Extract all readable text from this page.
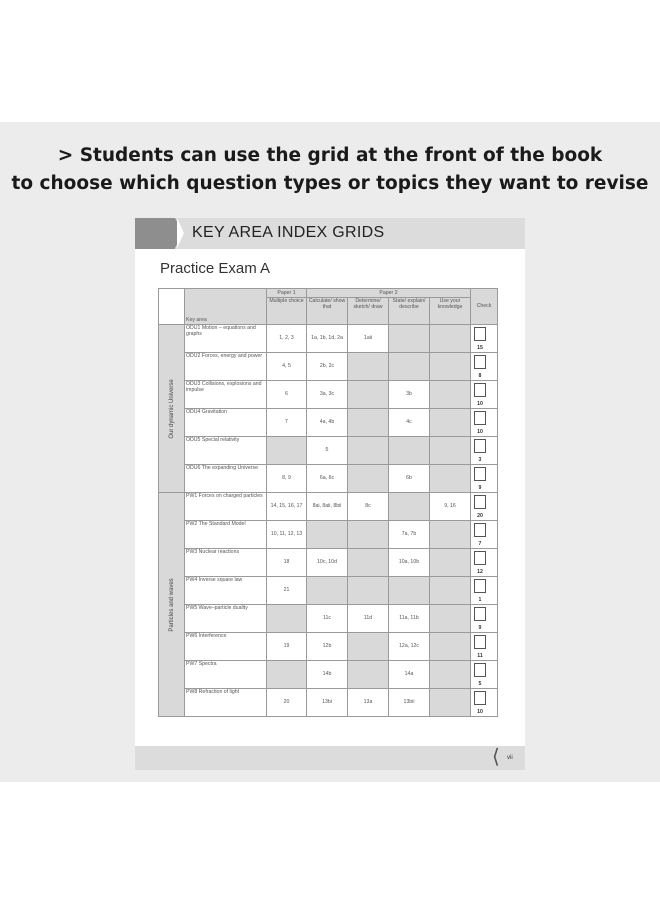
> Students can use the grid at the front of the book
to choose which question types or topics they want to revise
KEY AREA INDEX GRIDS
Practice Exam A
	Key area	Paper 1	Paper 2				Check
		Multiple choice	Calculate/ show that	Determine/ sketch/ draw	State/ explain/ describe	Use your knowledge	

Our dynamic Universe	ODU1 Motion – equations and graphs	1, 2, 3	1a, 1b, 1d, 2a	1aii			15

	ODU2 Forces, energy and power	4, 5	2b, 2c				8

	ODU3 Collisions, explosions and impulse	6	3a, 3c		3b		10

	ODU4 Gravitation	7	4a, 4b		4c		10

	ODU5 Special relativity		5				3

	ODU6 The expanding Universe	8, 9	6a, 6c		6b		9

Particles and waves	PW1 Forces on charged particles	14, 15, 16, 17	8ai, 8aii, 8bii	8c		9, 16	20

	PW2 The Standard Model	10, 11, 12, 13			7a, 7b		7

	PW3 Nuclear reactions	18	10c, 10d		10a, 10b		12

	PW4 Inverse square law	21					1

	PW5 Wave–particle duality		11c	11d	11a, 11b		9

	PW6 Interference	19	12b		12a, 12c		11

	PW7 Spectra		14b		14a		5

	PW8 Refraction of light	20	13bi	13a	13bii		10
⟨ vii
